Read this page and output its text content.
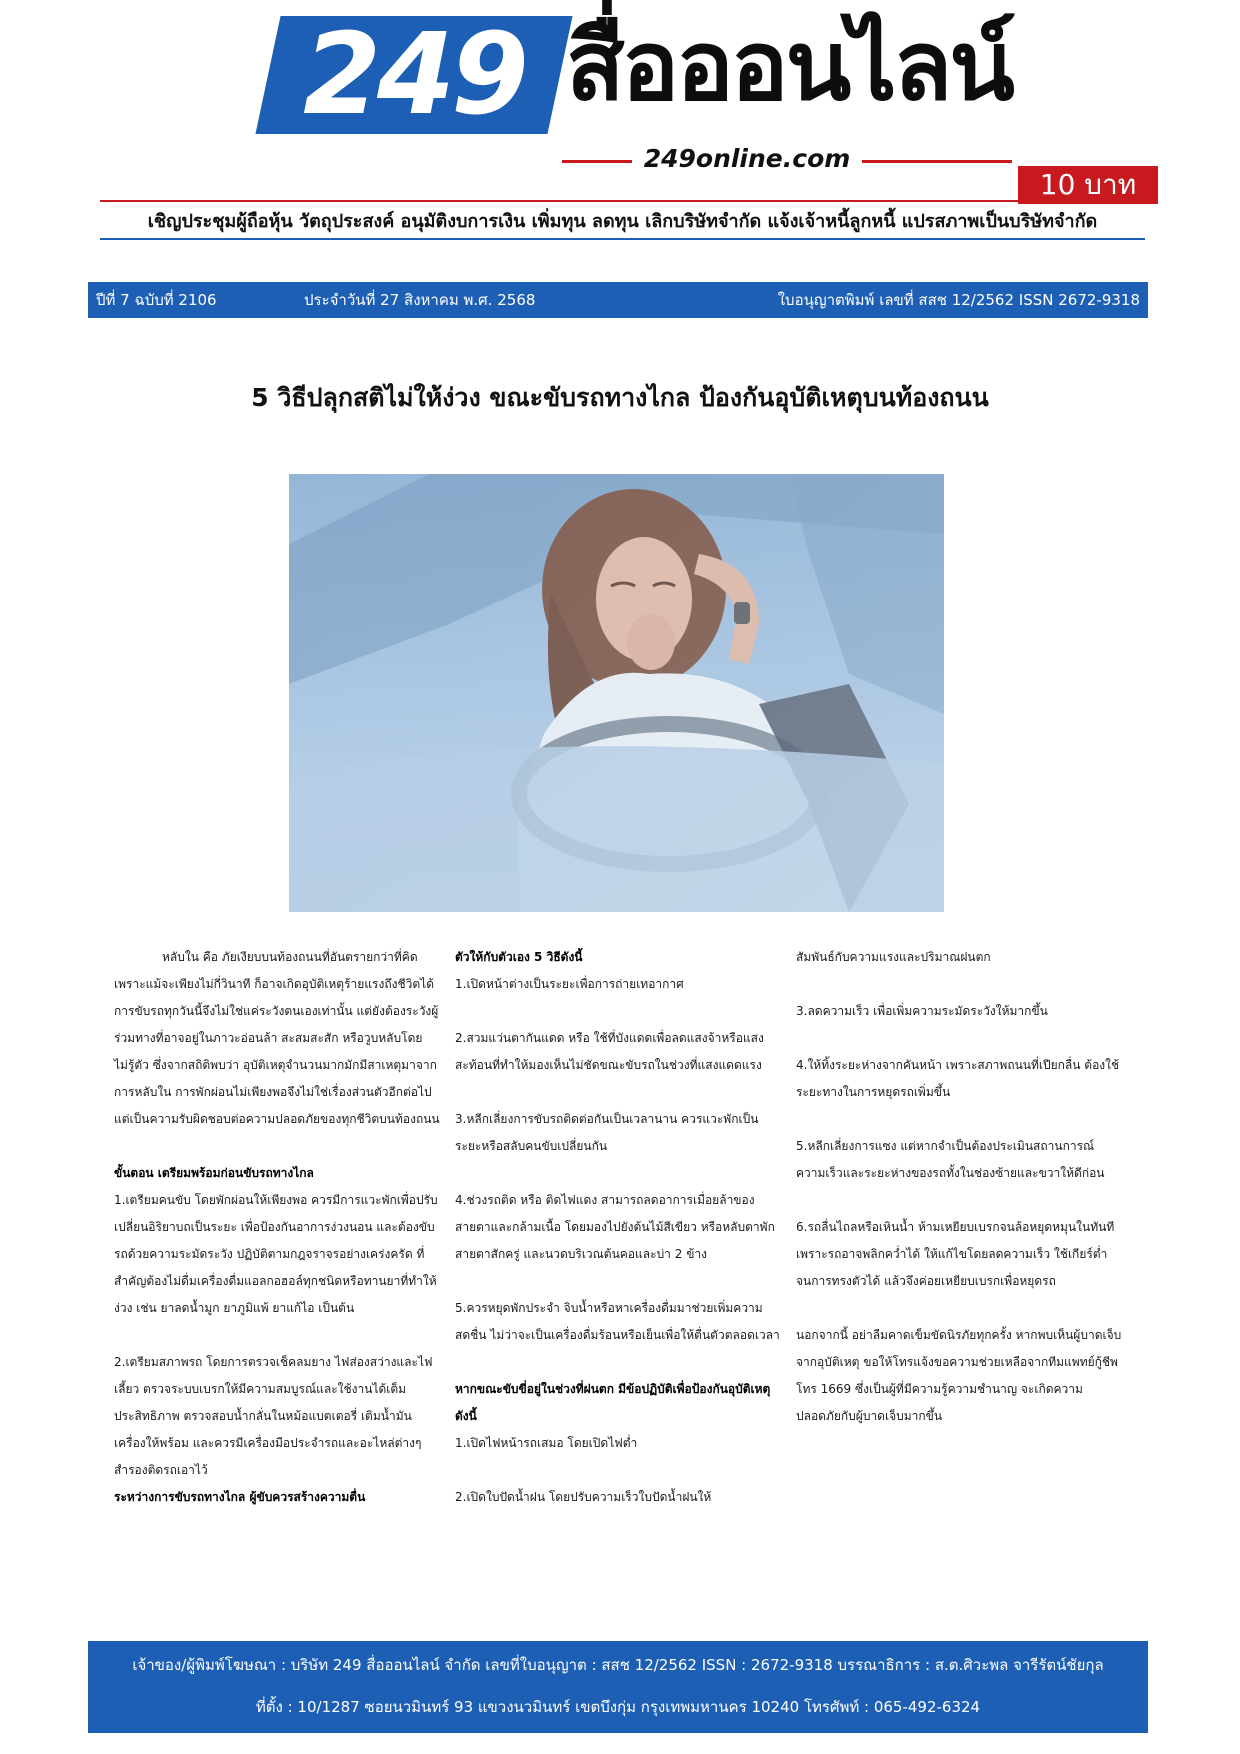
249 สื่อออนไลน์
249online.com
10 บาท
เชิญประชุมผู้ถือหุ้น วัตถุประสงค์ อนุมัติงบการเงิน เพิ่มทุน ลดทุน เลิกบริษัทจำกัด แจ้งเจ้าหนี้ลูกหนี้ แปรสภาพเป็นบริษัทจำกัด
ปีที่ 7 ฉบับที่ 2106	ประจำวันที่ 27 สิงหาคม พ.ศ. 2568	ใบอนุญาตพิมพ์ เลขที่ สสช 12/2562 ISSN 2672-9318
5 วิธีปลุกสติไม่ให้ง่วง ขณะขับรถทางไกล ป้องกันอุบัติเหตุบนท้องถนน

หลับใน คือ ภัยเงียบบนท้องถนนที่อันตรายกว่าที่คิด เพราะแม้จะเพียงไม่กี่วินาที ก็อาจเกิดอุบัติเหตุร้ายแรงถึงชีวิตได้ การขับรถทุกวันนี้จึงไม่ใช่แค่ระวังตนเองเท่านั้น แต่ยังต้องระวังผู้ร่วมทางที่อาจอยู่ในภาวะอ่อนล้า สะสมสะสัก หรือวูบหลับโดยไม่รู้ตัว ซึ่งจากสถิติพบว่า อุบัติเหตุจำนวนมากมักมีสาเหตุมาจากการหลับใน การพักผ่อนไม่เพียงพอจึงไม่ใช่เรื่องส่วนตัวอีกต่อไป แต่เป็นความรับผิดชอบต่อความปลอดภัยของทุกชีวิตบนท้องถนน

ขั้นตอน เตรียมพร้อมก่อนขับรถทางไกล

1.เตรียมคนขับ โดยพักผ่อนให้เพียงพอ ควรมีการแวะพักเพื่อปรับเปลี่ยนอิริยาบถเป็นระยะ เพื่อป้องกันอาการง่วงนอน และต้องขับรถด้วยความระมัดระวัง ปฏิบัติตามกฎจราจรอย่างเคร่งครัด ที่สำคัญต้องไม่ดื่มเครื่องดื่มแอลกอฮอล์ทุกชนิดหรือทานยาที่ทำให้ง่วง เช่น ยาลดน้ำมูก ยาภูมิแพ้ ยาแก้ไอ เป็นต้น

2.เตรียมสภาพรถ โดยการตรวจเช็คลมยาง ไฟส่องสว่างและไฟเลี้ยว ตรวจระบบเบรกให้มีความสมบูรณ์และใช้งานได้เต็มประสิทธิภาพ ตรวจสอบน้ำกลั่นในหม้อแบตเตอรี่ เติมน้ำมันเครื่องให้พร้อม และควรมีเครื่องมือประจำรถและอะไหล่ต่างๆสำรองติดรถเอาไว้

ระหว่างการขับรถทางไกล ผู้ขับควรสร้างความตื่น

ตัวให้กับตัวเอง 5 วิธีดังนี้

1.เปิดหน้าต่างเป็นระยะเพื่อการถ่ายเทอากาศ

2.สวมแว่นตากันแดด หรือ ใช้ที่บังแดดเพื่อลดแสงจ้าหรือแสงสะท้อนที่ทำให้มองเห็นไม่ชัดขณะขับรถในช่วงที่แสงแดดแรง

3.หลีกเลี่ยงการขับรถติดต่อกันเป็นเวลานาน ควรแวะพักเป็นระยะหรือสลับคนขับเปลี่ยนกัน

4.ช่วงรถติด หรือ ติดไฟแดง สามารถลดอาการเมื่อยล้าของสายตาและกล้ามเนื้อ โดยมองไปยังต้นไม้สีเขียว หรือหลับตาพักสายตาสักครู่ และนวดบริเวณต้นคอและบ่า 2 ข้าง

5.ควรหยุดพักประจำ จิบน้ำหรือหาเครื่องดื่มมาช่วยเพิ่มความสดชื่น ไม่ว่าจะเป็นเครื่องดื่มร้อนหรือเย็นเพื่อให้ตื่นตัวตลอดเวลา

หากขณะขับขี่อยู่ในช่วงที่ฝนตก มีข้อปฏิบัติเพื่อป้องกันอุบัติเหตุ ดังนี้

1.เปิดไฟหน้ารถเสมอ โดยเปิดไฟต่ำ

2.เปิดใบปัดน้ำฝน โดยปรับความเร็วใบปัดน้ำฝนให้

สัมพันธ์กับความแรงและปริมาณฝนตก

3.ลดความเร็ว เพื่อเพิ่มความระมัดระวังให้มากขึ้น

4.ให้ทิ้งระยะห่างจากคันหน้า เพราะสภาพถนนที่เปียกลื่น ต้องใช้ระยะทางในการหยุดรถเพิ่มขึ้น

5.หลีกเลี่ยงการแซง แต่หากจำเป็นต้องประเมินสถานการณ์ ความเร็วและระยะห่างของรถทั้งในช่องซ้ายและขวาให้ดีก่อน

6.รถลื่นไถลหรือเหินน้ำ ห้ามเหยียบเบรกจนล้อหยุดหมุนในทันที เพราะรถอาจพลิกคว่ำได้ ให้แก้ไขโดยลดความเร็ว ใช้เกียร์ต่ำ จนการทรงตัวได้ แล้วจึงค่อยเหยียบเบรกเพื่อหยุดรถ

นอกจากนี้ อย่าลืมคาดเข็มขัดนิรภัยทุกครั้ง หากพบเห็นผู้บาดเจ็บจากอุบัติเหตุ ขอให้โทรแจ้งขอความช่วยเหลือจากทีมแพทย์กู้ชีพ โทร 1669 ซึ่งเป็นผู้ที่มีความรู้ความชำนาญ จะเกิดความปลอดภัยกับผู้บาดเจ็บมากขึ้น

เจ้าของ/ผู้พิมพ์โฆษณา : บริษัท 249 สื่อออนไลน์ จำกัด เลขที่ใบอนุญาต : สสช 12/2562 ISSN : 2672-9318 บรรณาธิการ : ส.ต.ศิวะพล จารีรัตน์ชัยกุล
ที่ตั้ง : 10/1287 ซอยนวมินทร์ 93 แขวงนวมินทร์ เขตบึงกุ่ม กรุงเทพมหานคร 10240 โทรศัพท์ : 065-492-6324
